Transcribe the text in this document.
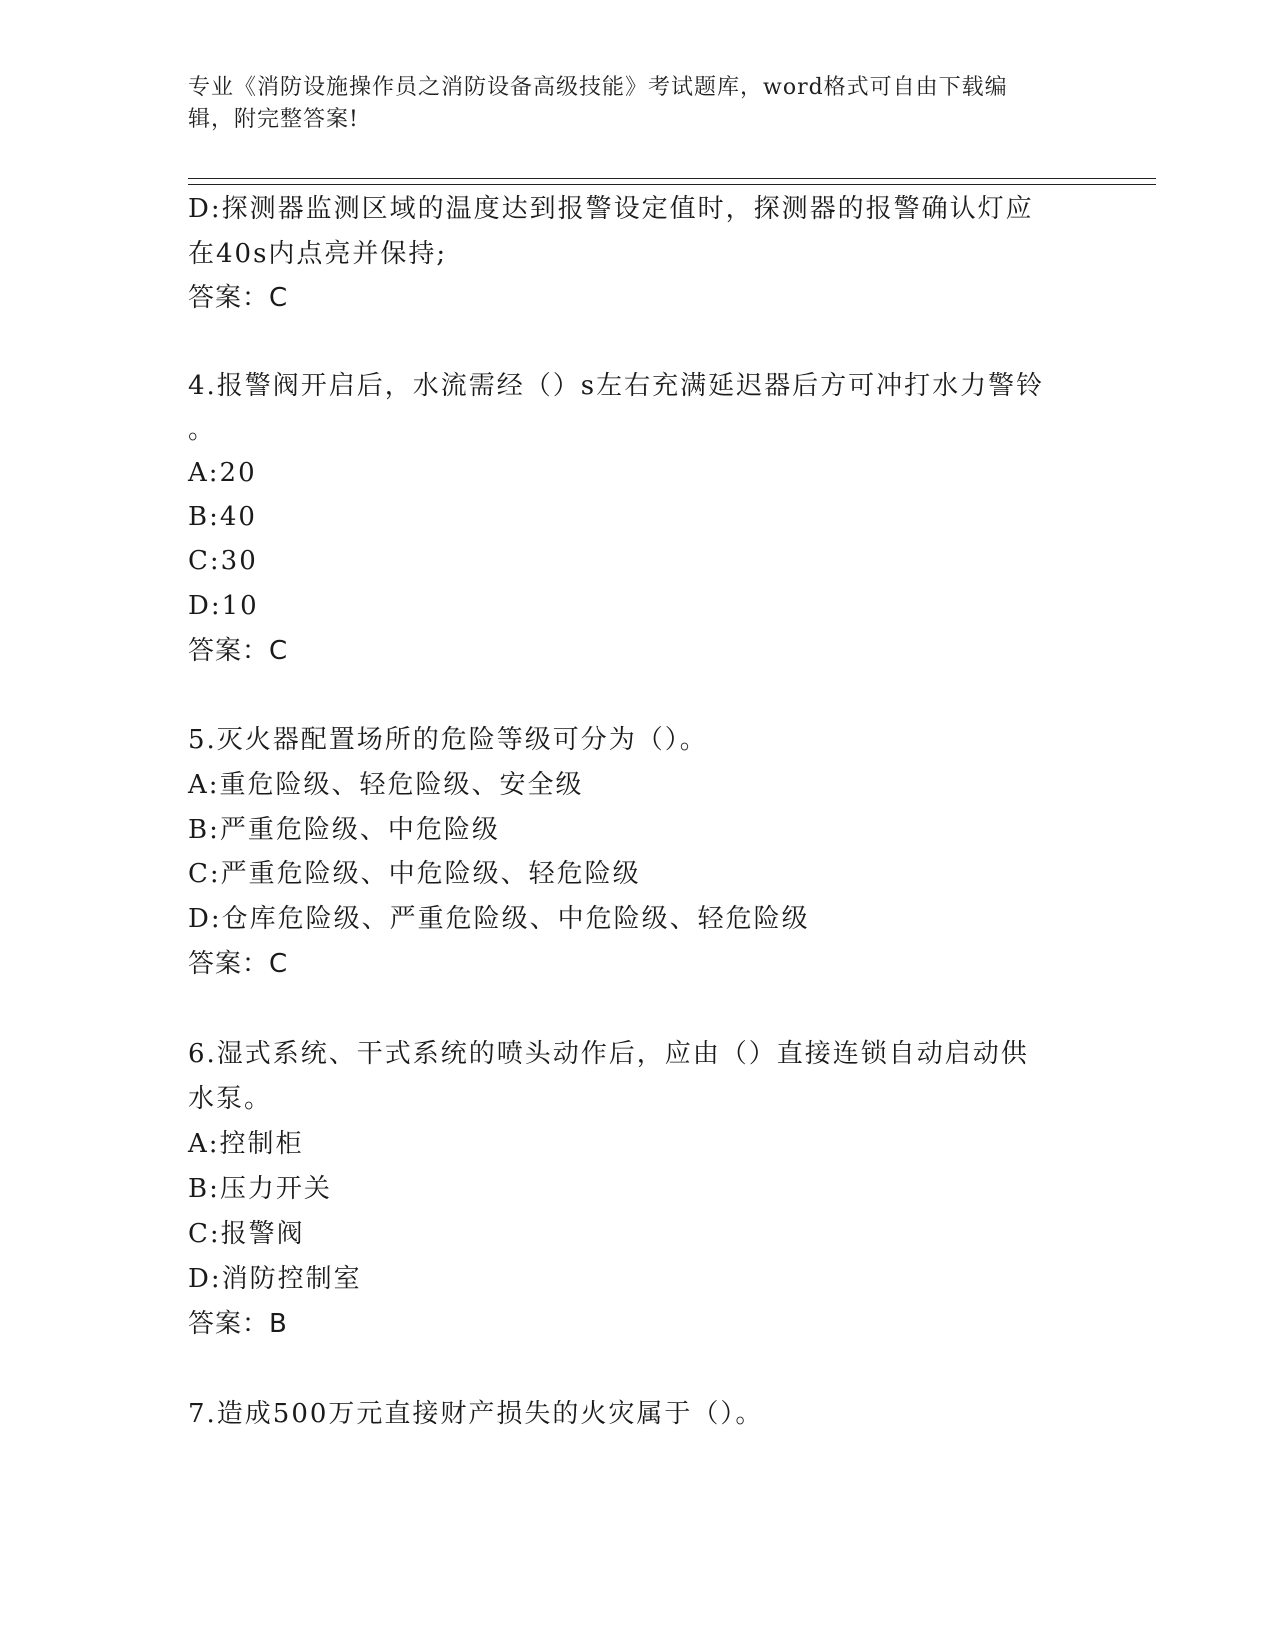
专业《消防设施操作员之消防设备高级技能》考试题库，word格式可自由下载编
辑，附完整答案!
D:探测器监测区域的温度达到报警设定值时，探测器的报警确认灯应
在40s内点亮并保持;
答案：C
4.报警阀开启后，水流需经（）s左右充满延迟器后方可冲打水力警铃
。
A:20
B:40
C:30
D:10
答案：C
5.灭火器配置场所的危险等级可分为（）。
A:重危险级、轻危险级、安全级
B:严重危险级、中危险级
C:严重危险级、中危险级、轻危险级
D:仓库危险级、严重危险级、中危险级、轻危险级
答案：C
6.湿式系统、干式系统的喷头动作后，应由（）直接连锁自动启动供
水泵。
A:控制柜
B:压力开关
C:报警阀
D:消防控制室
答案：B
7.造成500万元直接财产损失的火灾属于（）。
